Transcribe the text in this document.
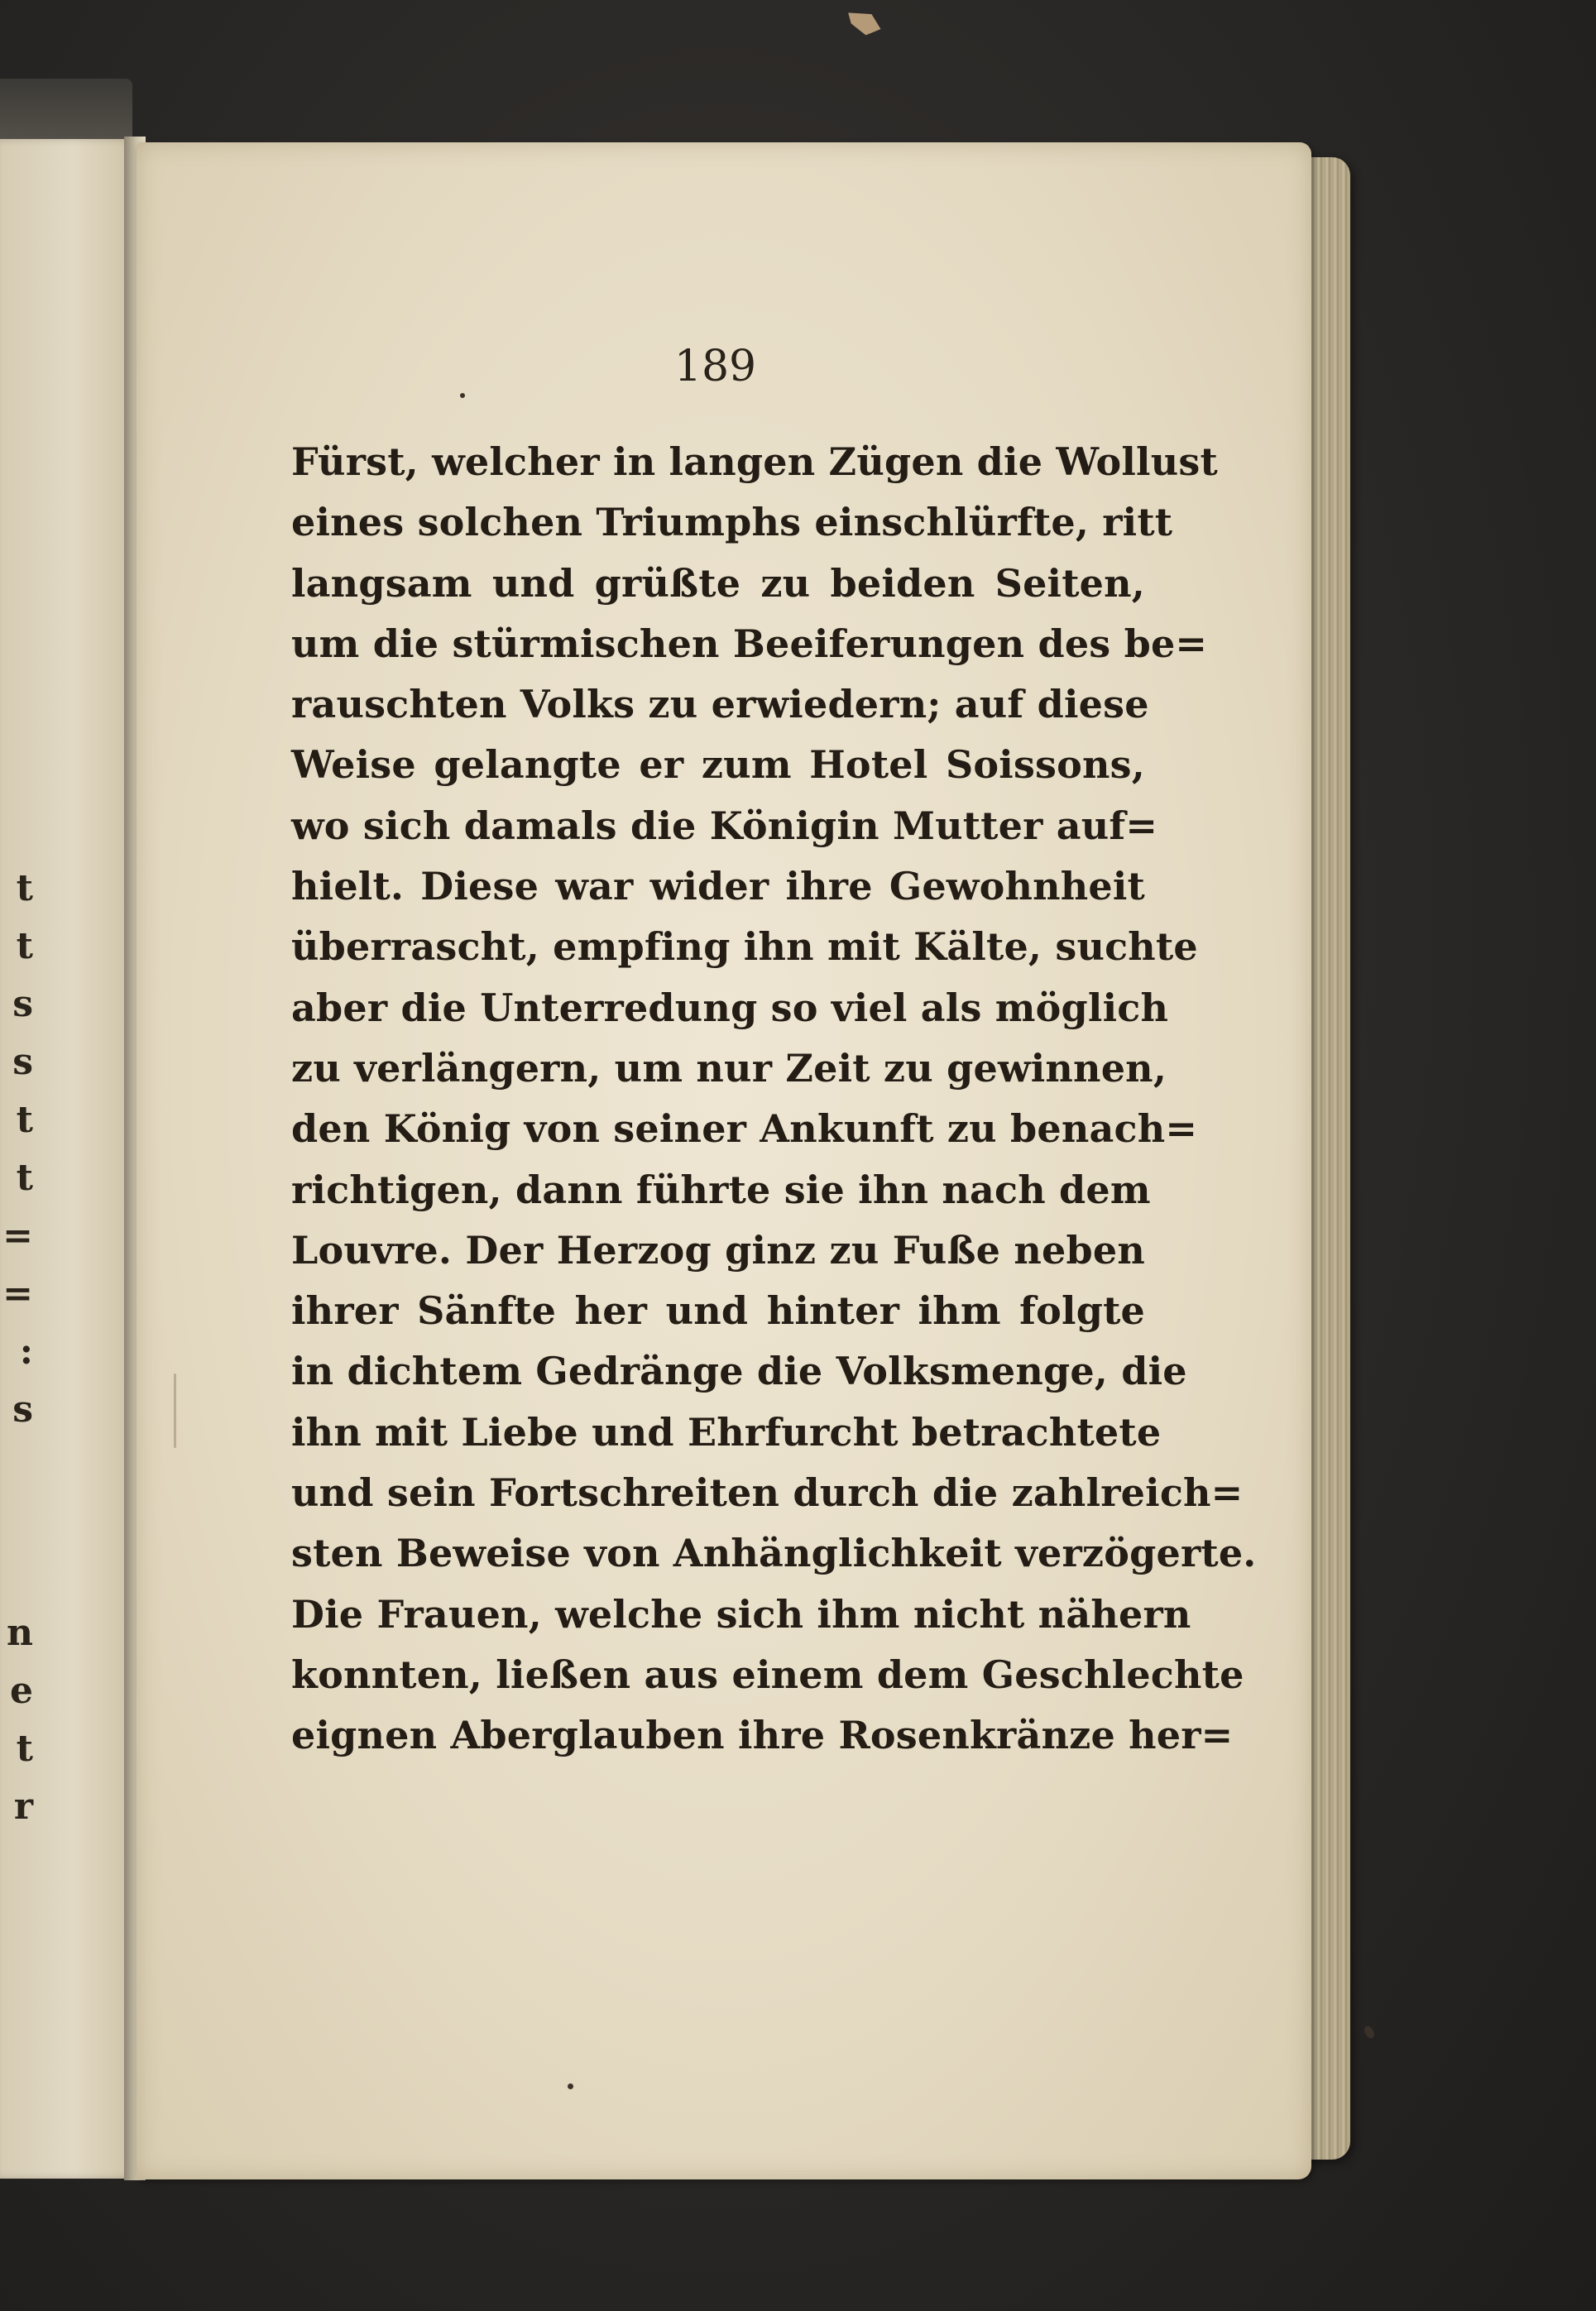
t
t
s
s
t
t
=
=
:
s
n
e
t
r

189

Fürst, welcher in langen Zügen die Wollust
eines solchen Triumphs einschlürfte, ritt
langsam und grüßte zu beiden Seiten,
um die stürmischen Beeiferungen des be=
rauschten Volks zu erwiedern; auf diese
Weise gelangte er zum Hotel Soissons,
wo sich damals die Königin Mutter auf=
hielt. Diese war wider ihre Gewohnheit
überrascht, empfing ihn mit Kälte, suchte
aber die Unterredung so viel als möglich
zu verlängern, um nur Zeit zu gewinnen,
den König von seiner Ankunft zu benach=
richtigen, dann führte sie ihn nach dem
Louvre. Der Herzog ginz zu Fuße neben
ihrer Sänfte her und hinter ihm folgte
in dichtem Gedränge die Volksmenge, die
ihn mit Liebe und Ehrfurcht betrachtete
und sein Fortschreiten durch die zahlreich=
sten Beweise von Anhänglichkeit verzögerte.
Die Frauen, welche sich ihm nicht nähern
konnten, ließen aus einem dem Geschlechte
eignen Aberglauben ihre Rosenkränze her=
